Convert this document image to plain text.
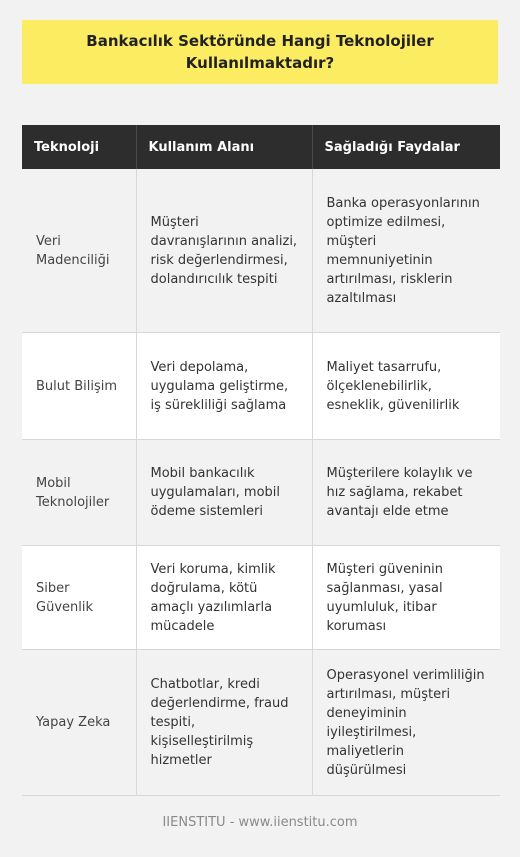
Bankacılık Sektöründe Hangi Teknolojiler Kullanılmaktadır?
Teknoloji	Kullanım Alanı	Sağladığı Faydalar
Veri Madenciliği	Müşteri davranışlarının analizi, risk değerlendirmesi, dolandırıcılık tespiti	Banka operasyonlarının optimize edilmesi, müşteri memnuniyetinin artırılması, risklerin azaltılması
Bulut Bilişim	Veri depolama, uygulama geliştirme, iş sürekliliği sağlama	Maliyet tasarrufu, ölçeklenebilirlik, esneklik, güvenilirlik
Mobil Teknolojiler	Mobil bankacılık uygulamaları, mobil ödeme sistemleri	Müşterilere kolaylık ve hız sağlama, rekabet avantajı elde etme
Siber Güvenlik	Veri koruma, kimlik doğrulama, kötü amaçlı yazılımlarla mücadele	Müşteri güveninin sağlanması, yasal uyumluluk, itibar koruması
Yapay Zeka	Chatbotlar, kredi değerlendirme, fraud tespiti, kişiselleştirilmiş hizmetler	Operasyonel verimliliğin artırılması, müşteri deneyiminin iyileştirilmesi, maliyetlerin düşürülmesi
IIENSTITU - www.iienstitu.com
